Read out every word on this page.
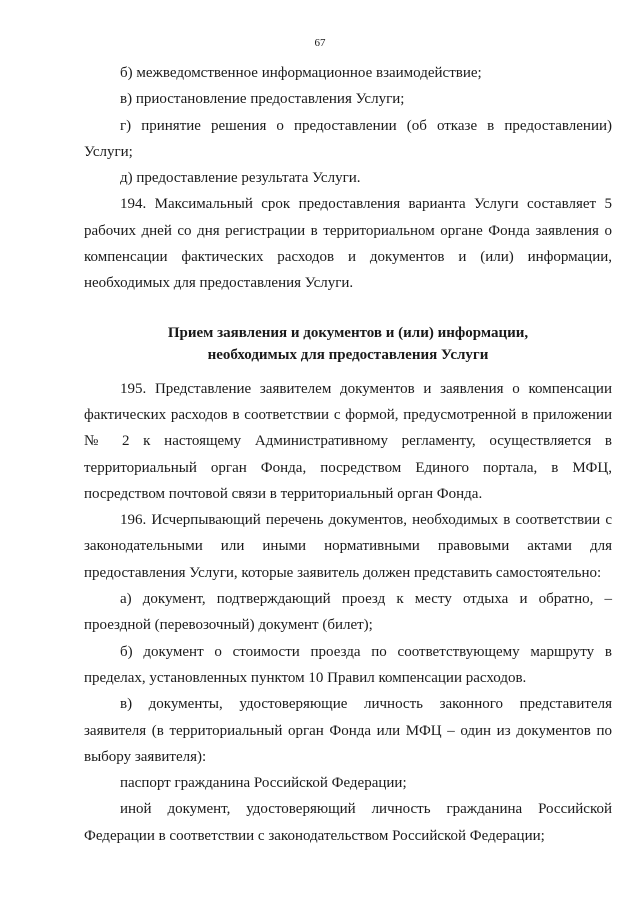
67

б) межведомственное информационное взаимодействие;

в) приостановление предоставления Услуги;

г) принятие решения о предоставлении (об отказе в предоставлении) Услуги;

д) предоставление результата Услуги.

194. Максимальный срок предоставления варианта Услуги составляет 5 рабочих дней со дня регистрации в территориальном органе Фонда заявления о компенсации фактических расходов и документов и (или) информации, необходимых для предоставления Услуги.

Прием заявления и документов и (или) информации,
необходимых для предоставления Услуги

195. Представление заявителем документов и заявления о компенсации фактических расходов в соответствии с формой, предусмотренной в приложении № 2 к настоящему Административному регламенту, осуществляется в территориальный орган Фонда, посредством Единого портала, в МФЦ, посредством почтовой связи в территориальный орган Фонда.

196. Исчерпывающий перечень документов, необходимых в соответствии с законодательными или иными нормативными правовыми актами для предоставления Услуги, которые заявитель должен представить самостоятельно:

а) документ, подтверждающий проезд к месту отдыха и обратно, – проездной (перевозочный) документ (билет);

б) документ о стоимости проезда по соответствующему маршруту в пределах, установленных пунктом 10 Правил компенсации расходов.

в) документы, удостоверяющие личность законного представителя заявителя (в территориальный орган Фонда или МФЦ – один из документов по выбору заявителя):

паспорт гражданина Российской Федерации;

иной документ, удостоверяющий личность гражданина Российской Федерации в соответствии с законодательством Российской Федерации;
